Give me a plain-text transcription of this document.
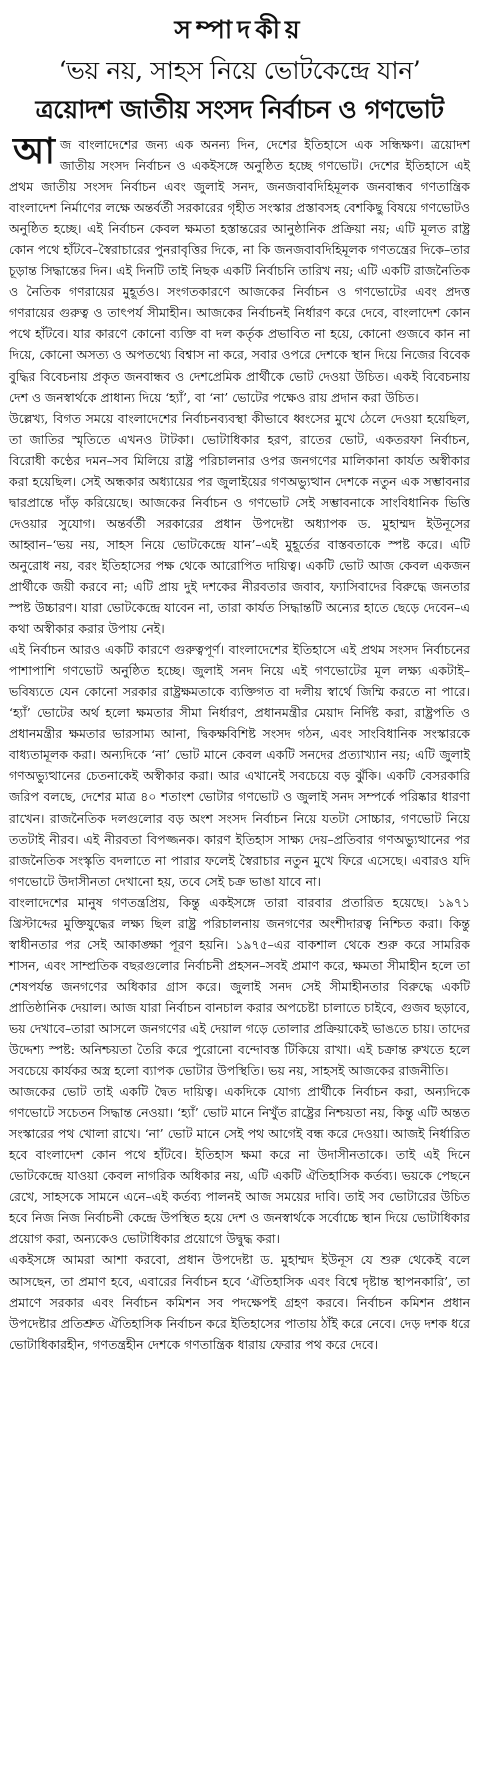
সম্পাদকীয়
‘ভয় নয়, সাহস নিয়ে ভোটকেন্দ্রে যান’
ত্রয়োদশ জাতীয় সংসদ নির্বাচন ও গণভোট

আজ বাংলাদেশের জন্য এক অনন্য দিন, দেশের ইতিহাসে এক সন্ধিক্ষণ। ত্রয়োদশ জাতীয় সংসদ নির্বাচন ও একইসঙ্গে অনুষ্ঠিত হচ্ছে গণভোট। দেশের ইতিহাসে এই প্রথম জাতীয় সংসদ নির্বাচন এবং জুলাই সনদ, জনজবাবদিহিমূলক জনবান্ধব গণতান্ত্রিক বাংলাদেশ নির্মাণের লক্ষে অন্তর্বর্তী সরকারের গৃহীত সংস্কার প্রস্তাবসহ বেশকিছু বিষয়ে গণভোটও অনুষ্ঠিত হচ্ছে। এই নির্বাচন কেবল ক্ষমতা হস্তান্তরের আনুষ্ঠানিক প্রক্রিয়া নয়; এটি মূলত রাষ্ট্র কোন পথে হাঁটবে–স্বৈরাচারের পুনরাবৃত্তির দিকে, না কি জনজবাবদিহিমূলক গণতন্ত্রের দিকে–তার চূড়ান্ত সিদ্ধান্তের দিন। এই দিনটি তাই নিছক একটি নির্বাচনি তারিখ নয়; এটি একটি রাজনৈতিক ও নৈতিক গণরায়ের মুহূর্তও। সংগতকারণে আজকের নির্বাচন ও গণভোটের এবং প্রদত্ত গণরায়ের গুরুত্ব ও তাৎপর্য সীমাহীন। আজকের নির্বাচনই নির্ধারণ করে দেবে, বাংলাদেশ কোন পথে হাঁটবে। যার কারণে কোনো ব্যক্তি বা দল কর্তৃক প্রভাবিত না হয়ে, কোনো গুজবে কান না দিয়ে, কোনো অসত্য ও অপতথ্যে বিশ্বাস না করে, সবার ওপরে দেশকে স্থান দিয়ে নিজের বিবেক বুদ্ধির বিবেচনায় প্রকৃত জনবান্ধব ও দেশপ্রেমিক প্রার্থীকে ভোট দেওয়া উচিত। একই বিবেচনায় দেশ ও জনস্বার্থকে প্রাধান্য দিয়ে ‘হ্যাঁ’, বা ‘না’ ভোটের পক্ষেও রায় প্রদান করা উচিত।

উল্লেখ্য, বিগত সময়ে বাংলাদেশের নির্বাচনব্যবস্থা কীভাবে ধ্বংসের মুখে ঠেলে দেওয়া হয়েছিল, তা জাতির স্মৃতিতে এখনও টাটকা। ভোটাধিকার হরণ, রাতের ভোট, একতরফা নির্বাচন, বিরোধী কণ্ঠের দমন–সব মিলিয়ে রাষ্ট্র পরিচালনার ওপর জনগণের মালিকানা কার্যত অস্বীকার করা হয়েছিল। সেই অন্ধকার অধ্যায়ের পর জুলাইয়ের গণঅভ্যুত্থান দেশকে নতুন এক সম্ভাবনার দ্বারপ্রান্তে দাঁড় করিয়েছে। আজকের নির্বাচন ও গণভোট সেই সম্ভাবনাকে সাংবিধানিক ভিত্তি দেওয়ার সুযোগ। অন্তর্বর্তী সরকারের প্রধান উপদেষ্টা অধ্যাপক ড. মুহাম্মদ ইউনূসের আহ্বান–‘ভয় নয়, সাহস নিয়ে ভোটকেন্দ্রে যান’–এই মুহূর্তের বাস্তবতাকে স্পষ্ট করে। এটি অনুরোধ নয়, বরং ইতিহাসের পক্ষ থেকে আরোপিত দায়িত্ব। একটি ভোট আজ কেবল একজন প্রার্থীকে জয়ী করবে না; এটি প্রায় দুই দশকের নীরবতার জবাব, ফ্যাসিবাদের বিরুদ্ধে জনতার স্পষ্ট উচ্চারণ। যারা ভোটকেন্দ্রে যাবেন না, তারা কার্যত সিদ্ধান্তটি অন্যের হাতে ছেড়ে দেবেন–এ কথা অস্বীকার করার উপায় নেই।

এই নির্বাচন আরও একটি কারণে গুরুত্বপূর্ণ। বাংলাদেশের ইতিহাসে এই প্রথম সংসদ নির্বাচনের পাশাপাশি গণভোট অনুষ্ঠিত হচ্ছে। জুলাই সনদ নিয়ে এই গণভোটের মূল লক্ষ্য একটাই–ভবিষ্যতে যেন কোনো সরকার রাষ্ট্রক্ষমতাকে ব্যক্তিগত বা দলীয় স্বার্থে জিম্মি করতে না পারে। ‘হ্যাঁ’ ভোটের অর্থ হলো ক্ষমতার সীমা নির্ধারণ, প্রধানমন্ত্রীর মেয়াদ নির্দিষ্ট করা, রাষ্ট্রপতি ও প্রধানমন্ত্রীর ক্ষমতার ভারসাম্য আনা, দ্বিকক্ষবিশিষ্ট সংসদ গঠন, এবং সাংবিধানিক সংস্কারকে বাধ্যতামূলক করা। অন্যদিকে ‘না’ ভোট মানে কেবল একটি সনদের প্রত্যাখ্যান নয়; এটি জুলাই গণঅভ্যুত্থানের চেতনাকেই অস্বীকার করা। আর এখানেই সবচেয়ে বড় ঝুঁকি। একটি বেসরকারি জরিপ বলছে, দেশের মাত্র ৪০ শতাংশ ভোটার গণভোট ও জুলাই সনদ সম্পর্কে পরিষ্কার ধারণা রাখেন। রাজনৈতিক দলগুলোর বড় অংশ সংসদ নির্বাচন নিয়ে যতটা সোচ্চার, গণভোট নিয়ে ততটাই নীরব। এই নীরবতা বিপজ্জনক। কারণ ইতিহাস সাক্ষ্য দেয়–প্রতিবার গণঅভ্যুত্থানের পর রাজনৈতিক সংস্কৃতি বদলাতে না পারার ফলেই স্বৈরাচার নতুন মুখে ফিরে এসেছে। এবারও যদি গণভোটে উদাসীনতা দেখানো হয়, তবে সেই চক্র ভাঙা যাবে না।

বাংলাদেশের মানুষ গণতন্ত্রপ্রিয়, কিন্তু একইসঙ্গে তারা বারবার প্রতারিত হয়েছে। ১৯৭১ খ্রিস্টাব্দের মুক্তিযুদ্ধের লক্ষ্য ছিল রাষ্ট্র পরিচালনায় জনগণের অংশীদারত্ব নিশ্চিত করা। কিন্তু স্বাধীনতার পর সেই আকাঙ্ক্ষা পূরণ হয়নি। ১৯৭৫–এর বাকশাল থেকে শুরু করে সামরিক শাসন, এবং সাম্প্রতিক বছরগুলোর নির্বাচনী প্রহসন–সবই প্রমাণ করে, ক্ষমতা সীমাহীন হলে তা শেষপর্যন্ত জনগণের অধিকার গ্রাস করে। জুলাই সনদ সেই সীমাহীনতার বিরুদ্ধে একটি প্রাতিষ্ঠানিক দেয়াল। আজ যারা নির্বাচন বানচাল করার অপচেষ্টা চালাতে চাইবে, গুজব ছড়াবে, ভয় দেখাবে–তারা আসলে জনগণের এই দেয়াল গড়ে তোলার প্রক্রিয়াকেই ভাঙতে চায়। তাদের উদ্দেশ্য স্পষ্ট: অনিশ্চয়তা তৈরি করে পুরোনো বন্দোবস্ত টিকিয়ে রাখা। এই চক্রান্ত রুখতে হলে সবচেয়ে কার্যকর অস্ত্র হলো ব্যাপক ভোটার উপস্থিতি। ভয় নয়, সাহসই আজকের রাজনীতি।

আজকের ভোট তাই একটি দ্বৈত দায়িত্ব। একদিকে যোগ্য প্রার্থীকে নির্বাচন করা, অন্যদিকে গণভোটে সচেতন সিদ্ধান্ত নেওয়া। ‘হ্যাঁ’ ভোট মানে নিখুঁত রাষ্ট্রের নিশ্চয়তা নয়, কিন্তু এটি অন্তত সংস্কারের পথ খোলা রাখে। ‘না’ ভোট মানে সেই পথ আগেই বন্ধ করে দেওয়া। আজই নির্ধারিত হবে বাংলাদেশ কোন পথে হাঁটবে। ইতিহাস ক্ষমা করে না উদাসীনতাকে। তাই এই দিনে ভোটকেন্দ্রে যাওয়া কেবল নাগরিক অধিকার নয়, এটি একটি ঐতিহাসিক কর্তব্য। ভয়কে পেছনে রেখে, সাহসকে সামনে এনে–এই কর্তব্য পালনই আজ সময়ের দাবি। তাই সব ভোটারের উচিত হবে নিজ নিজ নির্বাচনী কেন্দ্রে উপস্থিত হয়ে দেশ ও জনস্বার্থকে সর্বোচ্চে স্থান দিয়ে ভোটাধিকার প্রয়োগ করা, অন্যকেও ভোটাধিকার প্রয়োগে উদ্বুদ্ধ করা।

একইসঙ্গে আমরা আশা করবো, প্রধান উপদেষ্টা ড. মুহাম্মদ ইউনূস যে শুরু থেকেই বলে আসছেন, তা প্রমাণ হবে, এবারের নির্বাচন হবে ‘ঐতিহাসিক এবং বিশ্বে দৃষ্টান্ত স্থাপনকারি’, তা প্রমাণে সরকার এবং নির্বাচন কমিশন সব পদক্ষেপই গ্রহণ করবে। নির্বাচন কমিশন প্রধান উপদেষ্টার প্রতিশ্রুত ঐতিহাসিক নির্বাচন করে ইতিহাসের পাতায় ঠাঁই করে নেবে। দেড় দশক ধরে ভোটাধিকারহীন, গণতন্ত্রহীন দেশকে গণতান্ত্রিক ধারায় ফেরার পথ করে দেবে।
